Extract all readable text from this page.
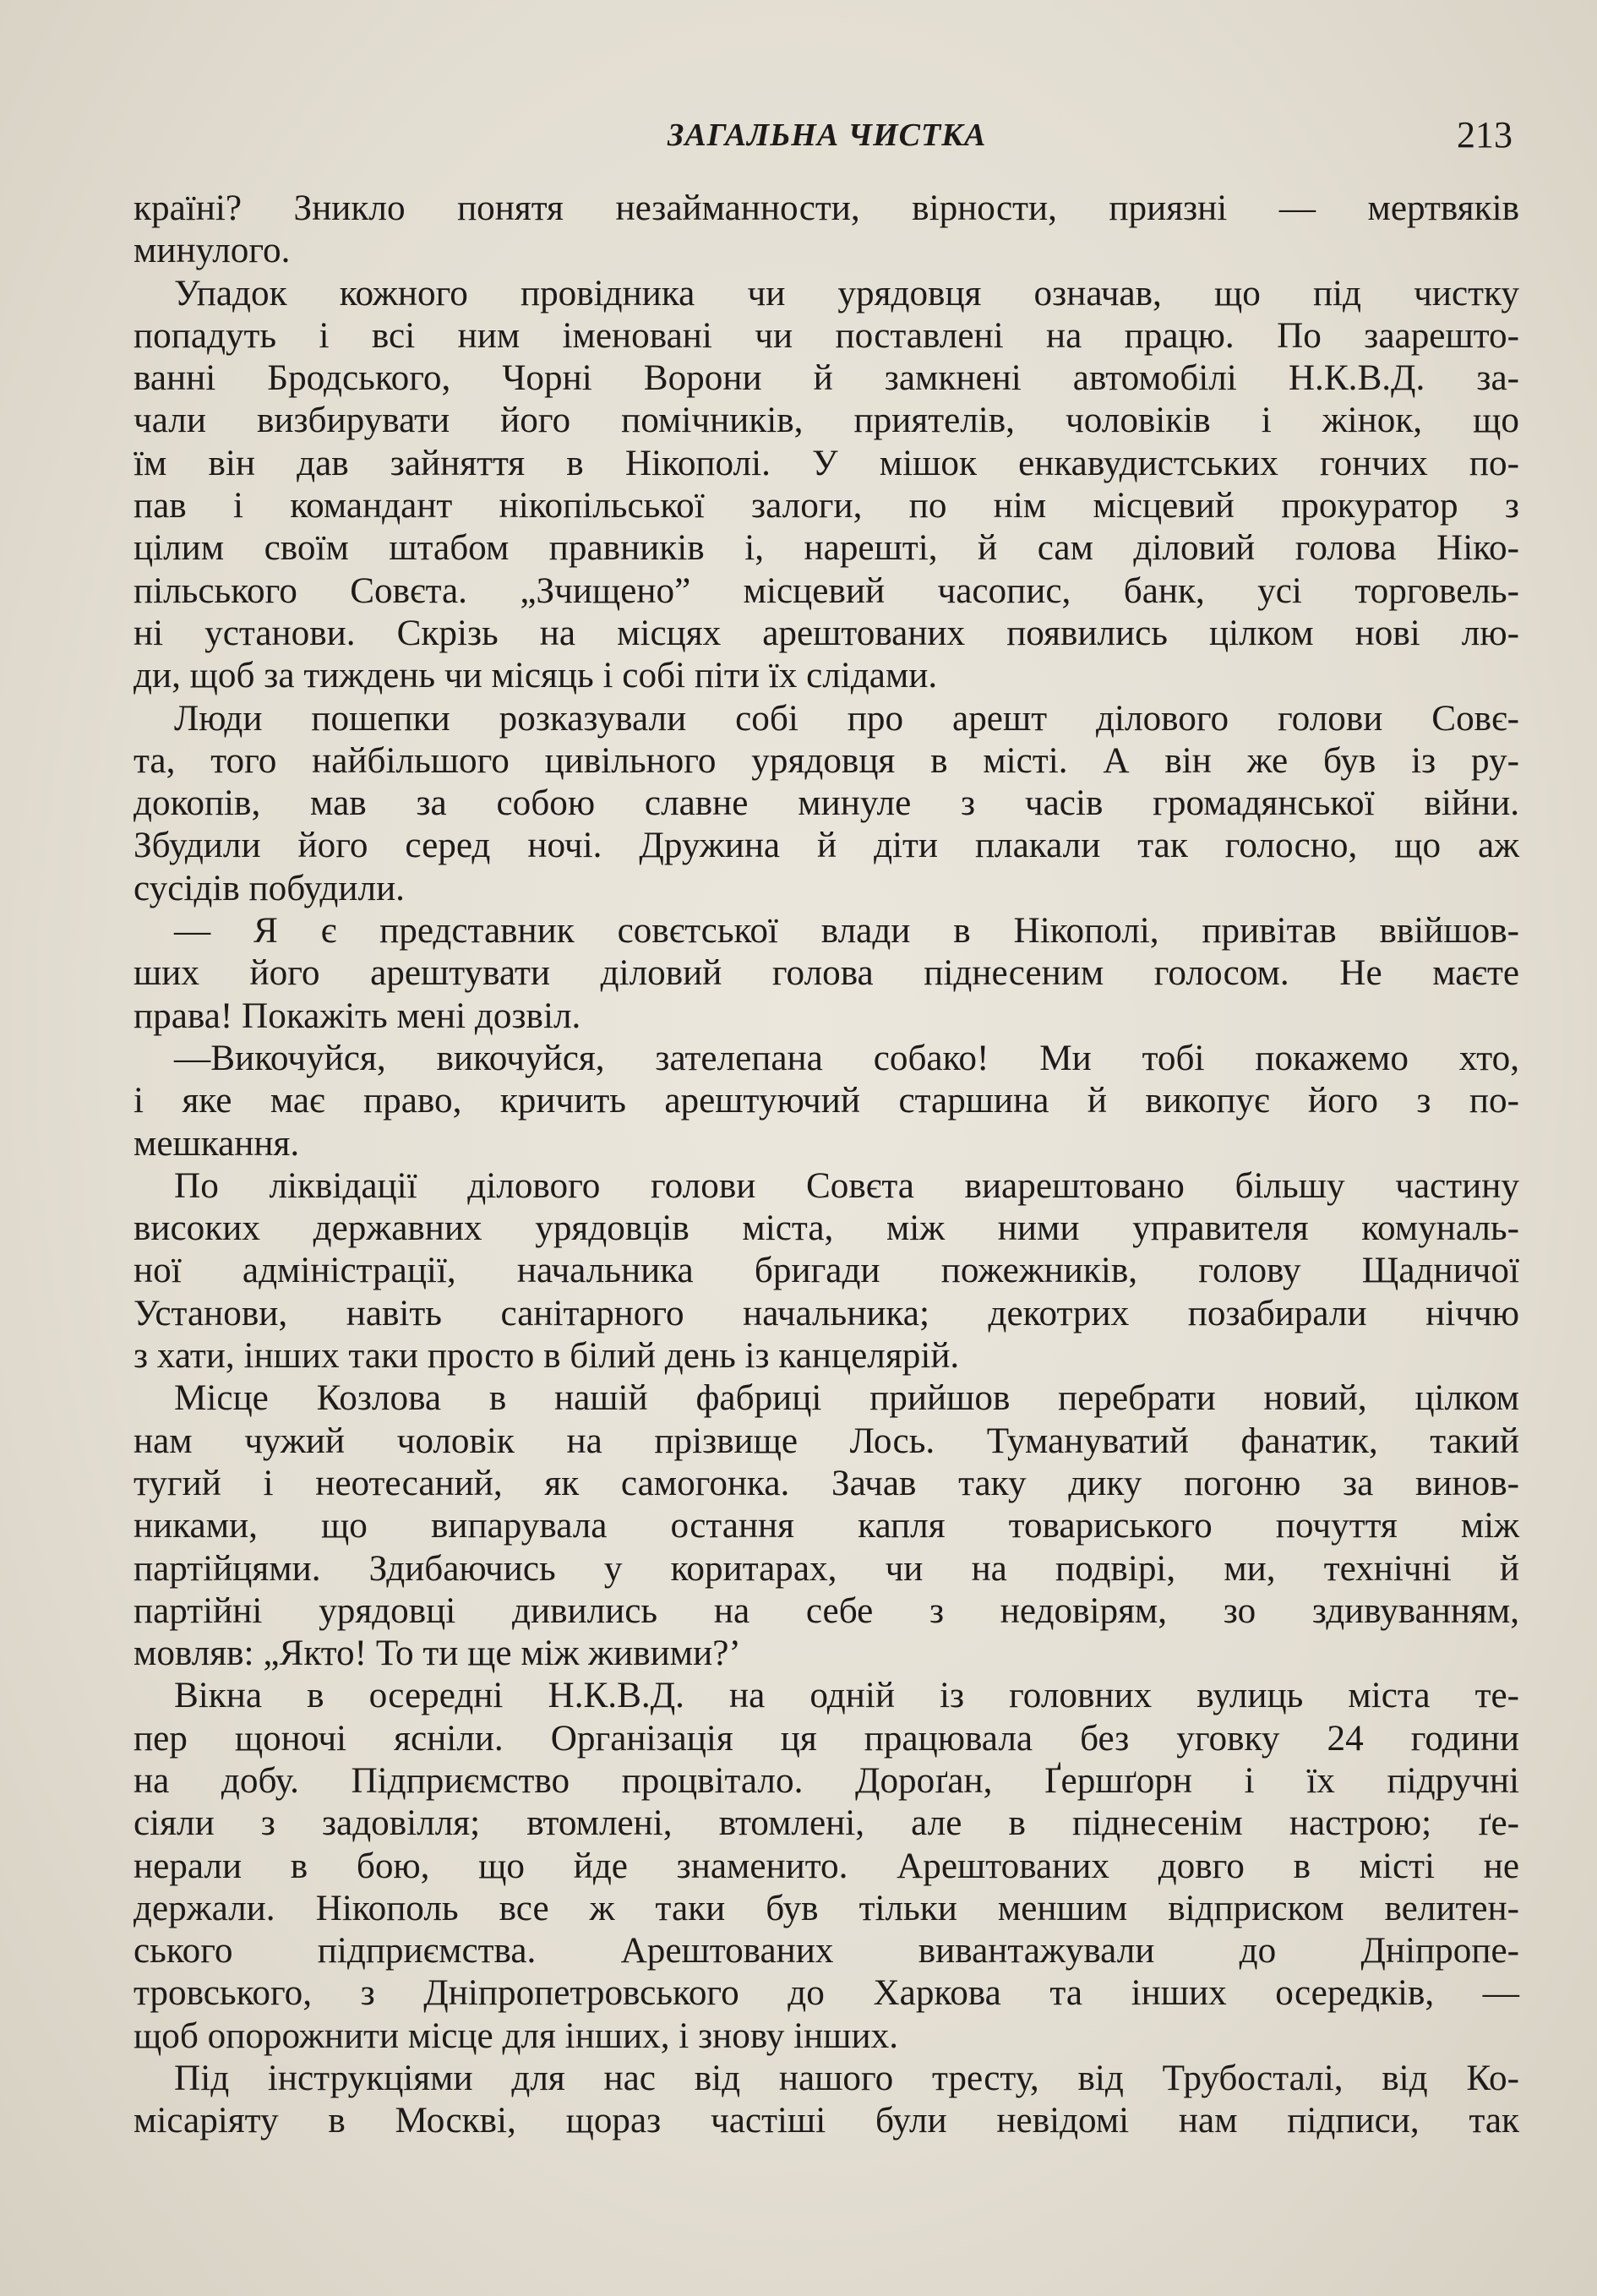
ЗАГАЛЬНА ЧИСТКА	213
країні? Зникло понятя незайманности, вірности, приязні — мертвяків
минулого.
Упадок кожного провідника чи урядовця означав, що під чистку
попадуть і всі ним іменовані чи поставлені на працю. По заарешто-
ванні Бродського, Чорні Ворони й замкнені автомобілі Н.К.В.Д. за-
чали визбирувати його помічників, приятелів, чоловіків і жінок, що
їм він дав зайняття в Нікополі. У мішок енкавудистських гончих по-
пав і командант нікопільської залоги, по нім місцевий прокуратор з
цілим своїм штабом правників і, нарешті, й сам діловий голова Ніко-
пільського Совєта. „Зчищено” місцевий часопис, банк, усі торговель-
ні установи. Скрізь на місцях арештованих появились цілком нові лю-
ди, щоб за тиждень чи місяць і собі піти їх слідами.
Люди пошепки розказували собі про арешт ділового голови Совє-
та, того найбільшого цивільного урядовця в місті. А він же був із ру-
докопів, мав за собою славне минуле з часів громадянської війни.
Збудили його серед ночі. Дружина й діти плакали так голосно, що аж
сусідів побудили.
— Я є представник совєтської влади в Нікополі, привітав ввійшов-
ших його арештувати діловий голова піднесеним голосом. Не маєте
права! Покажіть мені дозвіл.
—Викочуйся, викочуйся, зателепана собако! Ми тобі покажемо хто,
і яке має право, кричить арештуючий старшина й викопує його з по-
мешкання.
По ліквідації ділового голови Совєта виарештовано більшу частину
високих державних урядовців міста, між ними управителя комуналь-
ної адміністрації, начальника бригади пожежників, голову Щадничої
Установи, навіть санітарного начальника; декотрих позабирали ніччю
з хати, інших таки просто в білий день із канцелярій.
Місце Козлова в нашій фабриці прийшов перебрати новий, цілком
нам чужий чоловік на прізвище Лось. Тумануватий фанатик, такий
тугий і неотесаний, як самогонка. Зачав таку дику погоню за винов-
никами, що випарувала остання капля товариського почуття між
партійцями. Здибаючись у коритарах, чи на подвірі, ми, технічні й
партійні урядовці дивились на себе з недовірям, зо здивуванням,
мовляв: „Якто! То ти ще між живими?’
Вікна в осередні Н.К.В.Д. на одній із головних вулиць міста те-
пер щоночі ясніли. Організація ця працювала без уговку 24 години
на добу. Підприємство процвітало. Дороґан, Ґершґорн і їх підручні
сіяли з задовілля; втомлені, втомлені, але в піднесенім настрою; ґе-
нерали в бою, що йде знаменито. Арештованих довго в місті не
держали. Нікополь все ж таки був тільки меншим відприском велитен-
ського підприємства. Арештованих вивантажували до Дніпропе-
тровського, з Дніпропетровського до Харкова та інших осередків, —
щоб опорожнити місце для інших, і знову інших.
Під інструкціями для нас від нашого тресту, від Трубосталі, від Ко-
місаріяту в Москві, щораз частіші були невідомі нам підписи, так
